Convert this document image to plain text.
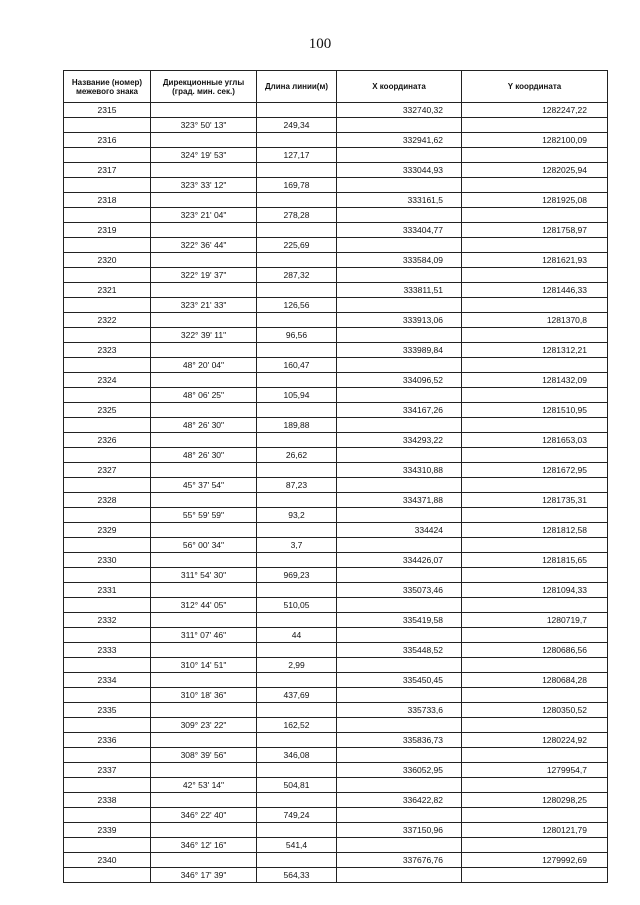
100
Название (номер) межевого знака	Дирекционные углы (град. мин. сек.)	Длина линии(м)	X координата	Y координата
2315			332740,32	1282247,22
	323° 50' 13"	249,34		
2316			332941,62	1282100,09
	324° 19' 53"	127,17		
2317			333044,93	1282025,94
	323° 33' 12"	169,78		
2318			333161,5	1281925,08
	323° 21' 04"	278,28		
2319			333404,77	1281758,97
	322° 36' 44"	225,69		
2320			333584,09	1281621,93
	322° 19' 37"	287,32		
2321			333811,51	1281446,33
	323° 21' 33"	126,56		
2322			333913,06	1281370,8
	322° 39' 11"	96,56		
2323			333989,84	1281312,21
	48° 20' 04"	160,47		
2324			334096,52	1281432,09
	48° 06' 25"	105,94		
2325			334167,26	1281510,95
	48° 26' 30"	189,88		
2326			334293,22	1281653,03
	48° 26' 30"	26,62		
2327			334310,88	1281672,95
	45° 37' 54"	87,23		
2328			334371,88	1281735,31
	55° 59' 59"	93,2		
2329			334424	1281812,58
	56° 00' 34"	3,7		
2330			334426,07	1281815,65
	311° 54' 30"	969,23		
2331			335073,46	1281094,33
	312° 44' 05"	510,05		
2332			335419,58	1280719,7
	311° 07' 46"	44		
2333			335448,52	1280686,56
	310° 14' 51"	2,99		
2334			335450,45	1280684,28
	310° 18' 36"	437,69		
2335			335733,6	1280350,52
	309° 23' 22"	162,52		
2336			335836,73	1280224,92
	308° 39' 56"	346,08		
2337			336052,95	1279954,7
	42° 53' 14"	504,81		
2338			336422,82	1280298,25
	346° 22' 40"	749,24		
2339			337150,96	1280121,79
	346° 12' 16"	541,4		
2340			337676,76	1279992,69
	346° 17' 39"	564,33		
